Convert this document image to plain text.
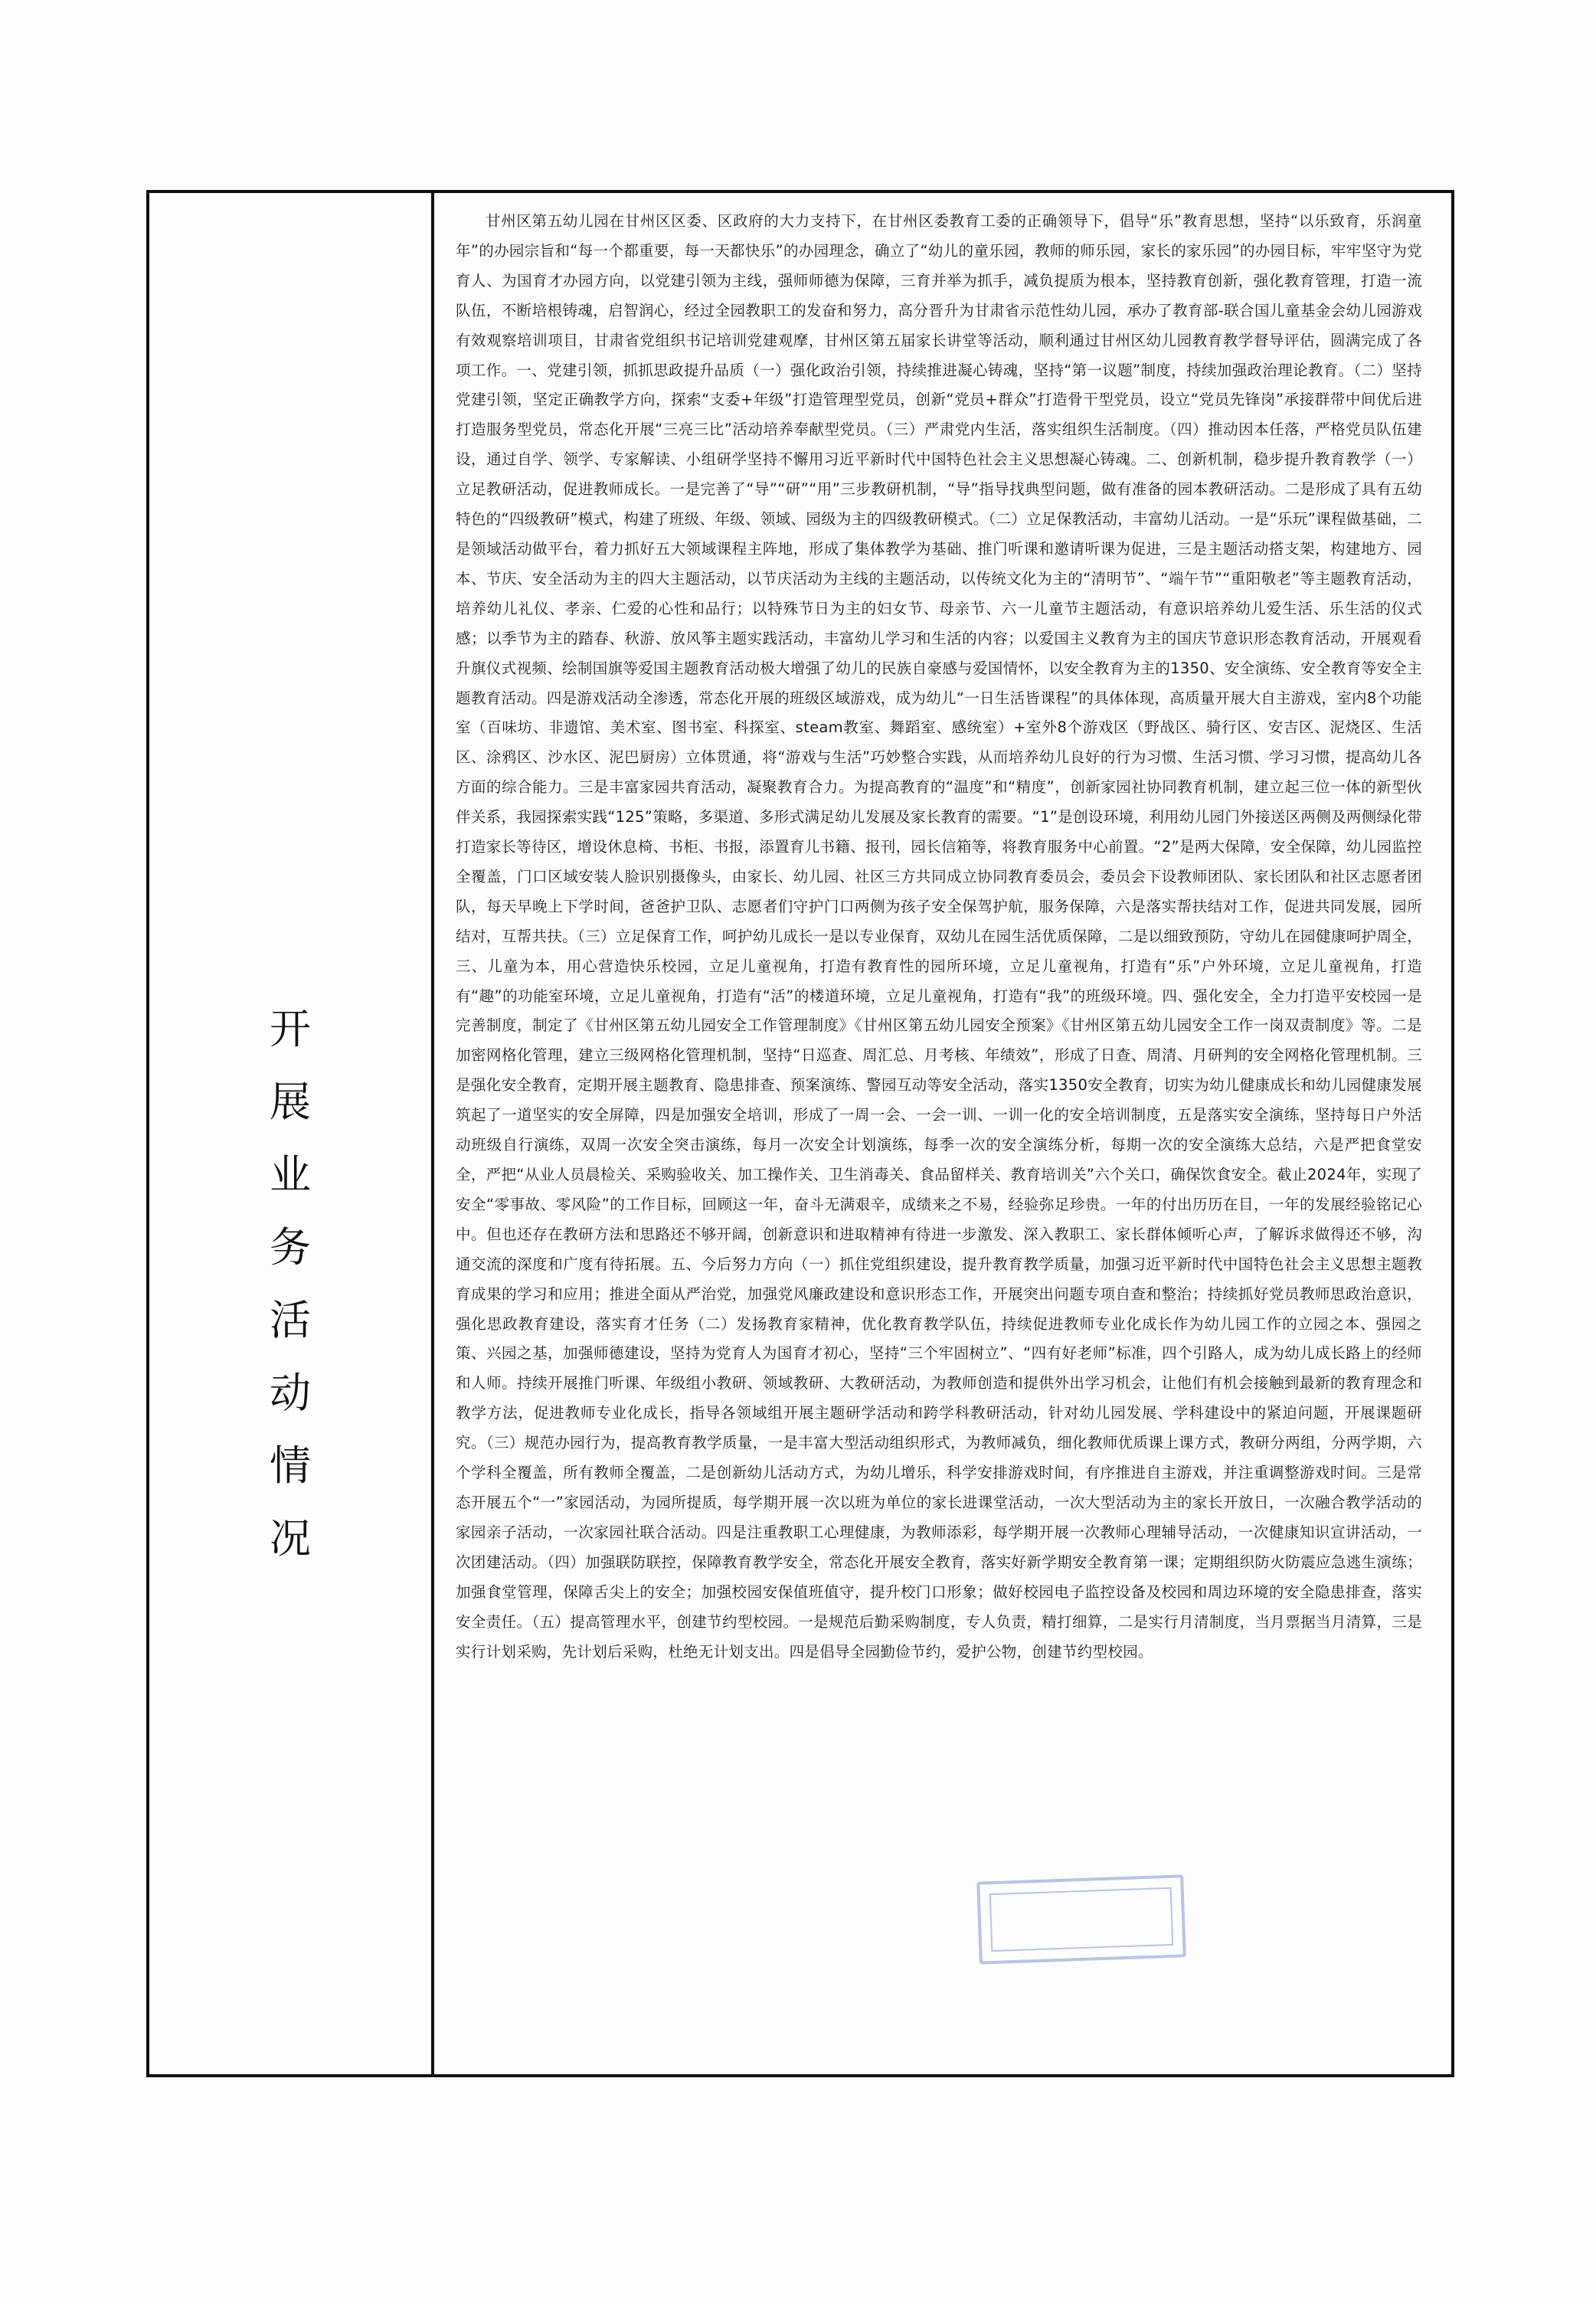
开
展
业
务
活
动
情
况

甘州区第五幼儿园在甘州区区委、区政府的大力支持下，在甘州区委教育工委的正确领导下，倡导“乐”教育思想，坚持“以乐致育，乐润童年”的办园宗旨和“每一个都重要，每一天都快乐”的办园理念，确立了“幼儿的童乐园，教师的师乐园，家长的家乐园”的办园目标，牢牢坚守为党育人、为国育才办园方向，以党建引领为主线，强师师德为保障，三育并举为抓手，减负提质为根本，坚持教育创新，强化教育管理，打造一流队伍，不断培根铸魂，启智润心，经过全园教职工的发奋和努力，高分晋升为甘肃省示范性幼儿园，承办了教育部-联合国儿童基金会幼儿园游戏有效观察培训项目，甘肃省党组织书记培训党建观摩，甘州区第五届家长讲堂等活动，顺利通过甘州区幼儿园教育教学督导评估，圆满完成了各项工作。一、党建引领，抓抓思政提升品质（一）强化政治引领，持续推进凝心铸魂，坚持“第一议题”制度，持续加强政治理论教育。（二）坚持党建引领，坚定正确教学方向，探索“支委+年级”打造管理型党员，创新“党员+群众”打造骨干型党员，设立“党员先锋岗”承接群带中间优后进打造服务型党员，常态化开展“三亮三比”活动培养奉献型党员。（三）严肃党内生活，落实组织生活制度。（四）推动因本任落，严格党员队伍建设，通过自学、领学、专家解读、小组研学坚持不懈用习近平新时代中国特色社会主义思想凝心铸魂。二、创新机制，稳步提升教育教学（一）立足教研活动，促进教师成长。一是完善了“导”“研”“用”三步教研机制，“导”指导找典型问题，做有准备的园本教研活动。二是形成了具有五幼特色的“四级教研”模式，构建了班级、年级、领域、园级为主的四级教研模式。（二）立足保教活动，丰富幼儿活动。一是“乐玩”课程做基础，二是领域活动做平台，着力抓好五大领域课程主阵地，形成了集体教学为基础、推门听课和邀请听课为促进，三是主题活动搭支架，构建地方、园本、节庆、安全活动为主的四大主题活动，以节庆活动为主线的主题活动，以传统文化为主的“清明节”、“端午节”“重阳敬老”等主题教育活动，培养幼儿礼仪、孝亲、仁爱的心性和品行；以特殊节日为主的妇女节、母亲节、六一儿童节主题活动，有意识培养幼儿爱生活、乐生活的仪式感；以季节为主的踏春、秋游、放风筝主题实践活动，丰富幼儿学习和生活的内容；以爱国主义教育为主的国庆节意识形态教育活动，开展观看升旗仪式视频、绘制国旗等爱国主题教育活动极大增强了幼儿的民族自豪感与爱国情怀，以安全教育为主的1350、安全演练、安全教育等安全主题教育活动。四是游戏活动全渗透，常态化开展的班级区域游戏，成为幼儿“一日生活皆课程”的具体体现，高质量开展大自主游戏，室内8个功能室（百味坊、非遗馆、美术室、图书室、科探室、steam教室、舞蹈室、感统室）+室外8个游戏区（野战区、骑行区、安吉区、泥烧区、生活区、涂鸦区、沙水区、泥巴厨房）立体贯通，将“游戏与生活”巧妙整合实践，从而培养幼儿良好的行为习惯、生活习惯、学习习惯，提高幼儿各方面的综合能力。三是丰富家园共育活动，凝聚教育合力。为提高教育的“温度”和“精度”，创新家园社协同教育机制，建立起三位一体的新型伙伴关系，我园探索实践“125”策略，多渠道、多形式满足幼儿发展及家长教育的需要。“1”是创设环境，利用幼儿园门外接送区两侧及两侧绿化带打造家长等待区，增设休息椅、书柜、书报，添置育儿书籍、报刊，园长信箱等，将教育服务中心前置。“2”是两大保障，安全保障，幼儿园监控全覆盖，门口区域安装人脸识别摄像头，由家长、幼儿园、社区三方共同成立协同教育委员会，委员会下设教师团队、家长团队和社区志愿者团队，每天早晚上下学时间，爸爸护卫队、志愿者们守护门口两侧为孩子安全保驾护航，服务保障，六是落实帮扶结对工作，促进共同发展，园所结对，互帮共扶。（三）立足保育工作，呵护幼儿成长一是以专业保育，双幼儿在园生活优质保障，二是以细致预防，守幼儿在园健康呵护周全，三、儿童为本，用心营造快乐校园，立足儿童视角，打造有教育性的园所环境，立足儿童视角，打造有“乐”户外环境，立足儿童视角，打造有“趣”的功能室环境，立足儿童视角，打造有“活”的楼道环境，立足儿童视角，打造有“我”的班级环境。四、强化安全，全力打造平安校园一是完善制度，制定了《甘州区第五幼儿园安全工作管理制度》《甘州区第五幼儿园安全预案》《甘州区第五幼儿园安全工作一岗双责制度》等。二是加密网格化管理，建立三级网格化管理机制，坚持“日巡查、周汇总、月考核、年绩效”，形成了日查、周清、月研判的安全网格化管理机制。三是强化安全教育，定期开展主题教育、隐患排查、预案演练、警园互动等安全活动，落实1350安全教育，切实为幼儿健康成长和幼儿园健康发展筑起了一道坚实的安全屏障，四是加强安全培训，形成了一周一会、一会一训、一训一化的安全培训制度，五是落实安全演练，坚持每日户外活动班级自行演练，双周一次安全突击演练，每月一次安全计划演练，每季一次的安全演练分析，每期一次的安全演练大总结，六是严把食堂安全，严把“从业人员晨检关、采购验收关、加工操作关、卫生消毒关、食品留样关、教育培训关”六个关口，确保饮食安全。截止2024年，实现了安全“零事故、零风险”的工作目标，回顾这一年，奋斗无满艰辛，成绩来之不易，经验弥足珍贵。一年的付出历历在目，一年的发展经验铭记心中。但也还存在教研方法和思路还不够开阔，创新意识和进取精神有待进一步激发、深入教职工、家长群体倾听心声，了解诉求做得还不够，沟通交流的深度和广度有待拓展。五、今后努力方向（一）抓住党组织建设，提升教育教学质量，加强习近平新时代中国特色社会主义思想主题教育成果的学习和应用；推进全面从严治党，加强党风廉政建设和意识形态工作，开展突出问题专项自查和整治；持续抓好党员教师思政治意识，强化思政教育建设，落实育才任务（二）发扬教育家精神，优化教育教学队伍，持续促进教师专业化成长作为幼儿园工作的立园之本、强园之策、兴园之基，加强师德建设，坚持为党育人为国育才初心，坚持“三个牢固树立”、“四有好老师”标准，四个引路人，成为幼儿成长路上的经师和人师。持续开展推门听课、年级组小教研、领域教研、大教研活动，为教师创造和提供外出学习机会，让他们有机会接触到最新的教育理念和教学方法，促进教师专业化成长，指导各领域组开展主题研学活动和跨学科教研活动，针对幼儿园发展、学科建设中的紧迫问题，开展课题研究。（三）规范办园行为，提高教育教学质量，一是丰富大型活动组织形式，为教师减负，细化教师优质课上课方式，教研分两组，分两学期，六个学科全覆盖，所有教师全覆盖，二是创新幼儿活动方式，为幼儿增乐，科学安排游戏时间，有序推进自主游戏，并注重调整游戏时间。三是常态开展五个“一”家园活动，为园所提质，每学期开展一次以班为单位的家长进课堂活动，一次大型活动为主的家长开放日，一次融合教学活动的家园亲子活动，一次家园社联合活动。四是注重教职工心理健康，为教师添彩，每学期开展一次教师心理辅导活动，一次健康知识宣讲活动，一次团建活动。（四）加强联防联控，保障教育教学安全，常态化开展安全教育，落实好新学期安全教育第一课；定期组织防火防震应急逃生演练；加强食堂管理，保障舌尖上的安全；加强校园安保值班值守，提升校门口形象；做好校园电子监控设备及校园和周边环境的安全隐患排查，落实安全责任。（五）提高管理水平，创建节约型校园。一是规范后勤采购制度，专人负责，精打细算，二是实行月清制度，当月票据当月清算，三是实行计划采购，先计划后采购，杜绝无计划支出。四是倡导全园勤俭节约，爱护公物，创建节约型校园。
